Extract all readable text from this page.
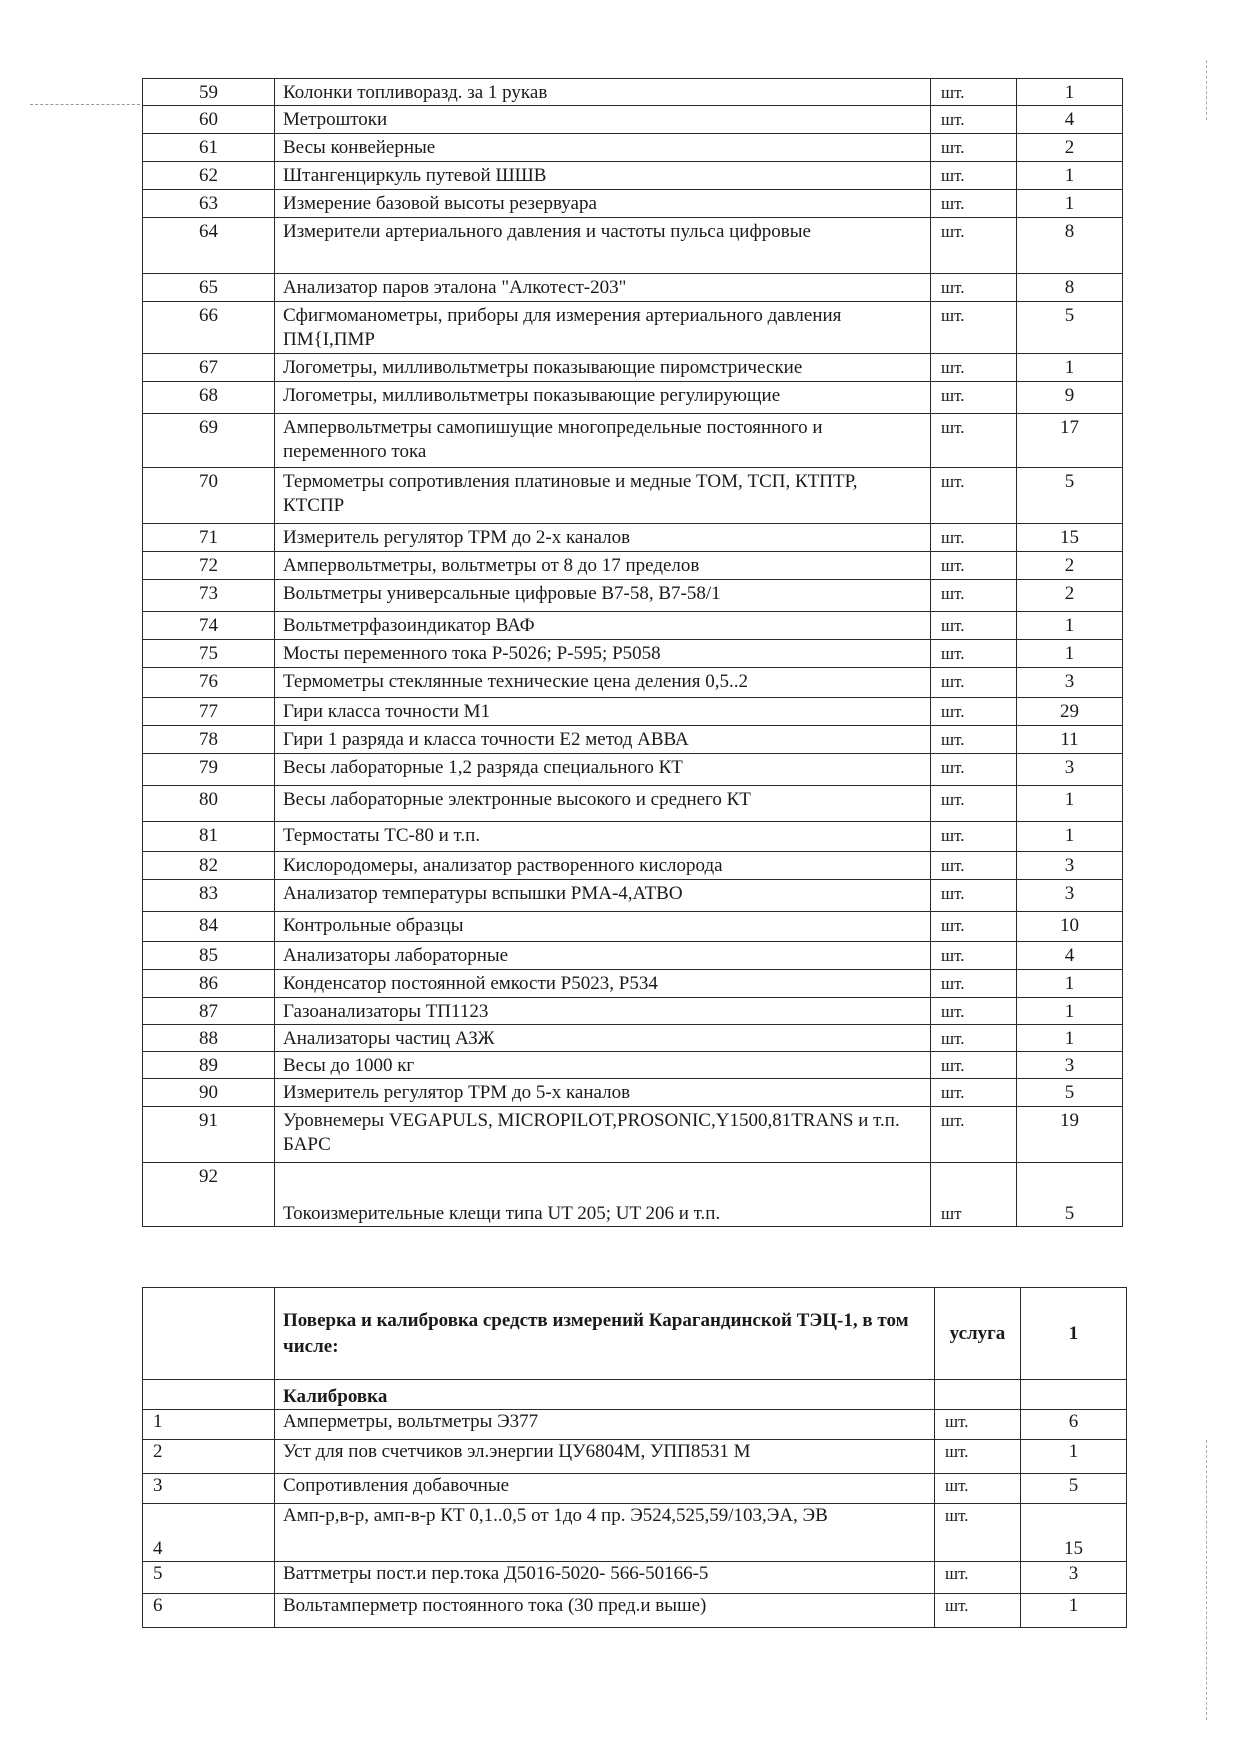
59	Колонки топливоразд. за 1 рукав	шт.	1
60	Метроштоки	шт.	4
61	Весы конвейерные	шт.	2
62	Штангенциркуль путевой ШШВ	шт.	1
63	Измерение базовой высоты резервуара	шт.	1
64	Измерители артериального давления и частоты пульса цифровые	шт.	8
65	Анализатор паров эталона "Алкотест-203"	шт.	8
66	Сфигмоманометры, приборы для измерения артериального давления ПМ{I,ПМР	шт.	5
67	Логометры, милливольтметры показывающие пиромстрические	шт.	1
68	Логометры, милливольтметры показывающие регулирующие	шт.	9
69	Ампервольтметры самопишущие многопредельные постоянного и переменного тока	шт.	17
70	Термометры сопротивления платиновые и медные ТОМ, ТСП, КТПТР, КТСПР	шт.	5
71	Измеритель регулятор ТРМ до 2-х каналов	шт.	15
72	Ампервольтметры, вольтметры от 8 до 17 пределов	шт.	2
73	Вольтметры универсальные цифровые В7-58, В7-58/1	шт.	2
74	Вольтметрфазоиндикатор ВАФ	шт.	1
75	Мосты переменного тока Р-5026; Р-595; Р5058	шт.	1
76	Термометры стеклянные технические цена деления 0,5..2	шт.	3
77	Гири класса точности М1	шт.	29
78	Гири 1 разряда и класса точности Е2 метод АВВА	шт.	11
79	Весы лабораторные 1,2 разряда специального КТ	шт.	3
80	Весы лабораторные электронные высокого и среднего КТ	шт.	1
81	Термостаты ТС-80 и т.п.	шт.	1
82	Кислородомеры, анализатор растворенного кислорода	шт.	3
83	Анализатор температуры вспышки РМА-4,АТВО	шт.	3
84	Контрольные образцы	шт.	10
85	Анализаторы лабораторные	шт.	4
86	Конденсатор постоянной емкости Р5023, Р534	шт.	1
87	Газоанализаторы ТП1123	шт.	1
88	Анализаторы частиц АЗЖ	шт.	1
89	Весы до 1000 кг	шт.	3
90	Измеритель регулятор ТРМ до 5-х каналов	шт.	5
91	Уровнемеры VEGAPULS, MICROPILOT,PROSONIC,Y1500,81TRANS и т.п. БАРС	шт.	19
92	Токоизмерительные клещи типа UT 205; UT 206 и т.п.	шт	5
	Поверка и калибровка средств измерений Карагандинской ТЭЦ-1, в том числе:	услуга	1
	Калибровка		
1	Амперметры, вольтметры Э377	шт.	6
2	Уст для пов счетчиков эл.энергии ЦУ6804М, УПП8531 М	шт.	1
3	Сопротивления добавочные	шт.	5
4	Амп-р,в-р, амп-в-р КТ 0,1..0,5 от 1до 4 пр. Э524,525,59/103,ЭА, ЭВ	шт.	15
5	Ваттметры пост.и пер.тока Д5016-5020- 566-50166-5	шт.	3
6	Вольтамперметр постоянного тока (30 пред.и выше)	шт.	1
